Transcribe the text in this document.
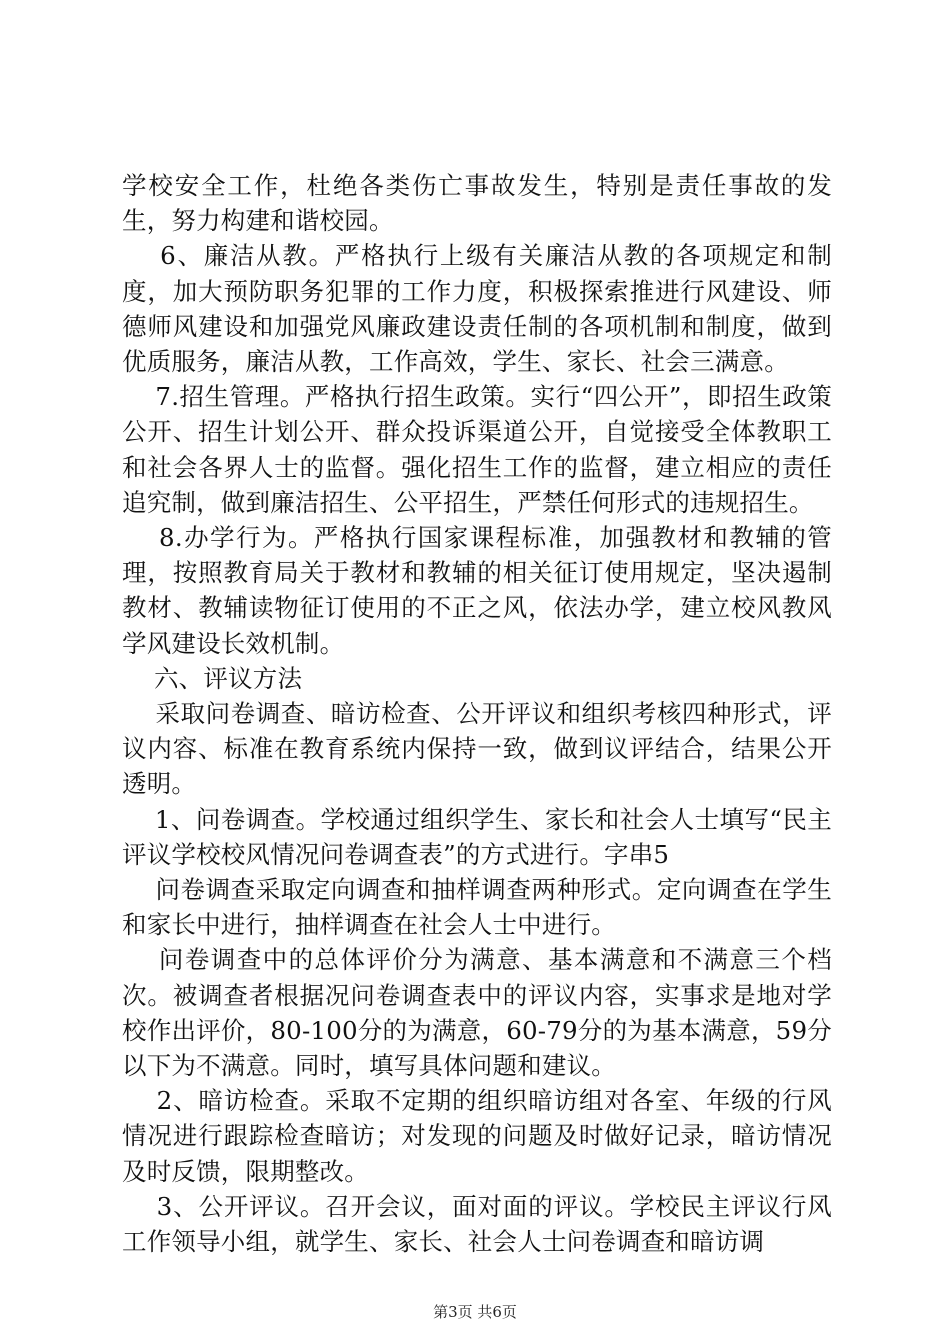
学校安全工作，杜绝各类伤亡事故发生，特别是责任事故的发生，努力构建和谐校园。

6、廉洁从教。严格执行上级有关廉洁从教的各项规定和制度，加大预防职务犯罪的工作力度，积极探索推进行风建设、师德师风建设和加强党风廉政建设责任制的各项机制和制度，做到优质服务，廉洁从教，工作高效，学生、家长、社会三满意。

7.招生管理。严格执行招生政策。实行“四公开”，即招生政策公开、招生计划公开、群众投诉渠道公开，自觉接受全体教职工和社会各界人士的监督。强化招生工作的监督，建立相应的责任追究制，做到廉洁招生、公平招生，严禁任何形式的违规招生。

8.办学行为。严格执行国家课程标准，加强教材和教辅的管理，按照教育局关于教材和教辅的相关征订使用规定，坚决遏制教材、教辅读物征订使用的不正之风，依法办学，建立校风教风学风建设长效机制。

六、评议方法

采取问卷调查、暗访检查、公开评议和组织考核四种形式，评议内容、标准在教育系统内保持一致，做到议评结合，结果公开透明。

1、问卷调查。学校通过组织学生、家长和社会人士填写“民主评议学校校风情况问卷调查表”的方式进行。字串5

问卷调查采取定向调查和抽样调查两种形式。定向调查在学生和家长中进行，抽样调查在社会人士中进行。

问卷调查中的总体评价分为满意、基本满意和不满意三个档次。被调查者根据况问卷调查表中的评议内容，实事求是地对学校作出评价，80-100分的为满意，60-79分的为基本满意，59分以下为不满意。同时，填写具体问题和建议。

2、暗访检查。采取不定期的组织暗访组对各室、年级的行风情况进行跟踪检查暗访；对发现的问题及时做好记录，暗访情况及时反馈，限期整改。

3、公开评议。召开会议，面对面的评议。学校民主评议行风工作领导小组，就学生、家长、社会人士问卷调查和暗访调

第3页 共6页
